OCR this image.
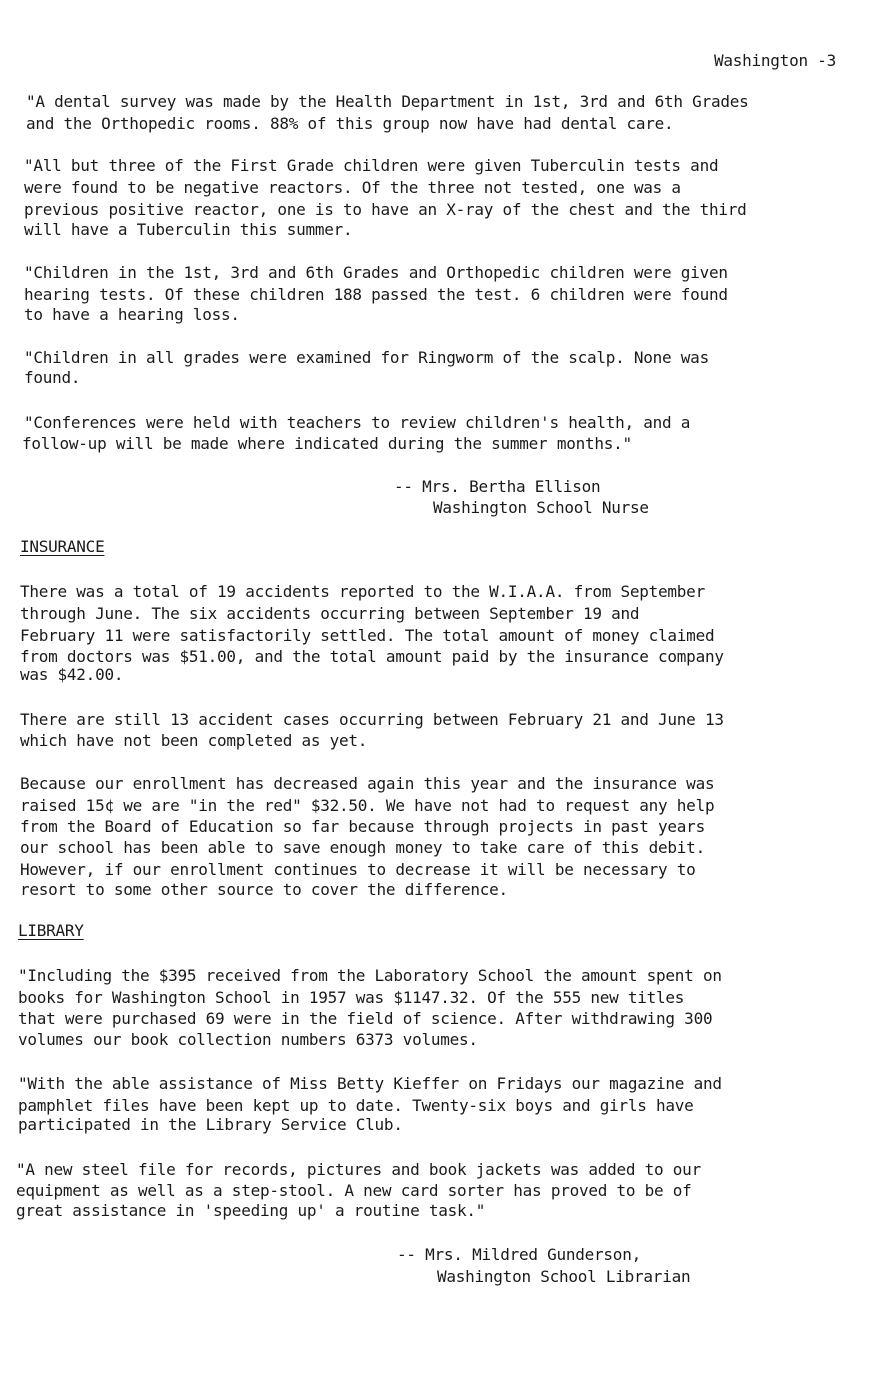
Washington -3
"A dental survey was made by the Health Department in 1st, 3rd and 6th Grades
and the Orthopedic rooms. 88% of this group now have had dental care.
"All but three of the First Grade children were given Tuberculin tests and
were found to be negative reactors. Of the three not tested, one was a
previous positive reactor, one is to have an X-ray of the chest and the third
will have a Tuberculin this summer.
"Children in the 1st, 3rd and 6th Grades and Orthopedic children were given
hearing tests. Of these children 188 passed the test. 6 children were found
to have a hearing loss.
"Children in all grades were examined for Ringworm of the scalp. None was
found.
"Conferences were held with teachers to review children's health, and a
follow-up will be made where indicated during the summer months."
-- Mrs. Bertha Ellison
Washington School Nurse
INSURANCE
There was a total of 19 accidents reported to the W.I.A.A. from September
through June. The six accidents occurring between September 19 and
February 11 were satisfactorily settled. The total amount of money claimed
from doctors was $51.00, and the total amount paid by the insurance company
was $42.00.
There are still 13 accident cases occurring between February 21 and June 13
which have not been completed as yet.
Because our enrollment has decreased again this year and the insurance was
raised 15¢ we are "in the red" $32.50. We have not had to request any help
from the Board of Education so far because through projects in past years
our school has been able to save enough money to take care of this debit.
However, if our enrollment continues to decrease it will be necessary to
resort to some other source to cover the difference.
LIBRARY
"Including the $395 received from the Laboratory School the amount spent on
books for Washington School in 1957 was $1147.32. Of the 555 new titles
that were purchased 69 were in the field of science. After withdrawing 300
volumes our book collection numbers 6373 volumes.
"With the able assistance of Miss Betty Kieffer on Fridays our magazine and
pamphlet files have been kept up to date. Twenty-six boys and girls have
participated in the Library Service Club.
"A new steel file for records, pictures and book jackets was added to our
equipment as well as a step-stool. A new card sorter has proved to be of
great assistance in 'speeding up' a routine task."
-- Mrs. Mildred Gunderson,
Washington School Librarian
